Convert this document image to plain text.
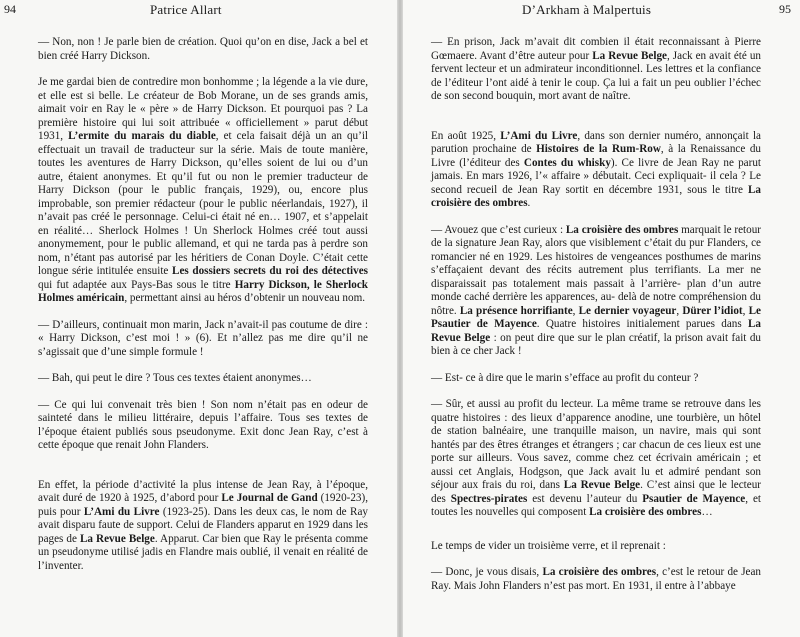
94	Patrice Allart

— Non, non ! Je parle bien de création. Quoi qu’on en dise, Jack a bel et bien créé Harry Dickson.

Je me gardai bien de contredire mon bonhomme ; la légende a la vie dure, et elle est si belle. Le créateur de Bob Morane, un de ses grands amis, aimait voir en Ray le « père » de Harry Dickson. Et pourquoi pas ? La première histoire qui lui soit attribuée « officiellement » parut début 1931, L’ermite du marais du diable, et cela faisait déjà un an qu’il effectuait un travail de traducteur sur la série. Mais de toute manière, toutes les aventures de Harry Dickson, qu’elles soient de lui ou d’un autre, étaient anonymes. Et qu’il fut ou non le premier traducteur de Harry Dickson (pour le public français, 1929), ou, encore plus improbable, son premier rédacteur (pour le public néerlandais, 1927), il n’avait pas créé le personnage. Celui-ci était né en… 1907, et s’appelait en réalité… Sherlock Holmes ! Un Sherlock Holmes créé tout aussi anonymement, pour le public allemand, et qui ne tarda pas à perdre son nom, n’étant pas autorisé par les héritiers de Conan Doyle. C’était cette longue série intitulée ensuite Les dossiers secrets du roi des détectives qui fut adaptée aux Pays-Bas sous le titre Harry Dickson, le Sherlock Holmes américain, permettant ainsi au héros d’obtenir un nouveau nom.

— D’ailleurs, continuait mon marin, Jack n’avait-il pas coutume de dire : « Harry Dickson, c’est moi ! » (6). Et n’allez pas me dire qu’il ne s’agissait que d’une simple formule !

— Bah, qui peut le dire ? Tous ces textes étaient anonymes…

— Ce qui lui convenait très bien ! Son nom n’était pas en odeur de sainteté dans le milieu littéraire, depuis l’affaire. Tous ses textes de l’époque étaient publiés sous pseudonyme. Exit donc Jean Ray, c’est à cette époque que renait John Flanders.

En effet, la période d’activité la plus intense de Jean Ray, à l’époque, avait duré de 1920 à 1925, d’abord pour Le Journal de Gand (1920-23), puis pour L’Ami du Livre (1923-25). Dans les deux cas, le nom de Ray avait disparu faute de support. Celui de Flanders apparut en 1929 dans les pages de La Revue Belge. Apparut. Car bien que Ray le présenta comme un pseudonyme utilisé jadis en Flandre mais oublié, il venait en réalité de l’inventer.

D’Arkham à Malpertuis	95

— En prison, Jack m’avait dit combien il était reconnaissant à Pierre Gœmaere. Avant d’être auteur pour La Revue Belge, Jack en avait été un fervent lecteur et un admirateur inconditionnel. Les lettres et la confiance de l’éditeur l’ont aidé à tenir le coup. Ça lui a fait un peu oublier l’échec de son second bouquin, mort avant de naître.

En août 1925, L’Ami du Livre, dans son dernier numéro, annonçait la parution prochaine de Histoires de la Rum-Row, à la Renaissance du Livre (l’éditeur des Contes du whisky). Ce livre de Jean Ray ne parut jamais. En mars 1926, l’« affaire » débutait. Ceci expliquait- il cela ? Le second recueil de Jean Ray sortit en décembre 1931, sous le titre La croisière des ombres.

— Avouez que c’est curieux : La croisière des ombres marquait le retour de la signature Jean Ray, alors que visiblement c’était du pur Flanders, ce romancier né en 1929. Les histoires de vengeances posthumes de marins s’effaçaient devant des récits autrement plus terrifiants. La mer ne disparaissait pas totalement mais passait à l’arrière- plan d’un autre monde caché derrière les apparences, au- delà de notre compréhension du nôtre. La présence horrifiante, Le dernier voyageur, Dürer l’idiot, Le Psautier de Mayence. Quatre histoires initialement parues dans La Revue Belge : on peut dire que sur le plan créatif, la prison avait fait du bien à ce cher Jack !

— Est- ce à dire que le marin s’efface au profit du conteur ?

— Sûr, et aussi au profit du lecteur. La même trame se retrouve dans les quatre histoires : des lieux d’apparence anodine, une tourbière, un hôtel de station balnéaire, une tranquille maison, un navire, mais qui sont hantés par des êtres étranges et étrangers ; car chacun de ces lieux est une porte sur ailleurs. Vous savez, comme chez cet écrivain américain ; et aussi cet Anglais, Hodgson, que Jack avait lu et admiré pendant son séjour aux frais du roi, dans La Revue Belge. C’est ainsi que le lecteur des Spectres-pirates est devenu l’auteur du Psautier de Mayence, et toutes les nouvelles qui composent La croisière des ombres…

Le temps de vider un troisième verre, et il reprenait :

— Donc, je vous disais, La croisière des ombres, c’est le retour de Jean Ray. Mais John Flanders n’est pas mort. En 1931, il entre à l’abbaye
